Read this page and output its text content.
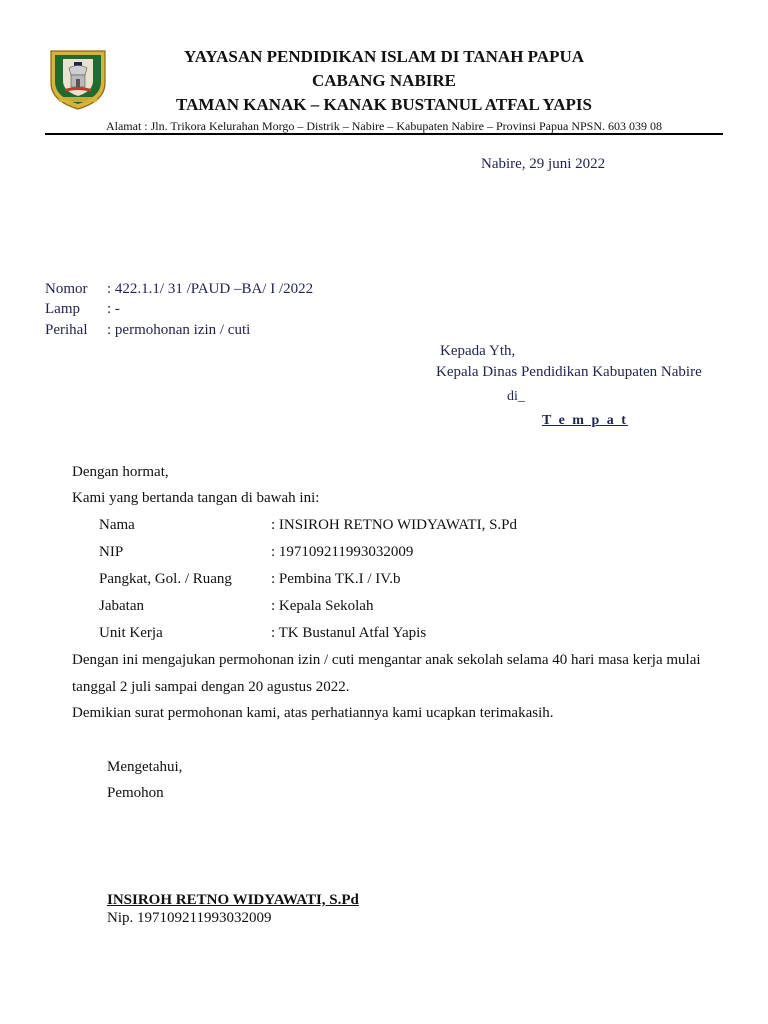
YAYASAN PENDIDIKAN ISLAM DI TANAH PAPUA
CABANG NABIRE
TAMAN KANAK – KANAK BUSTANUL ATFAL YAPIS
Alamat : Jln. Trikora Kelurahan Morgo – Distrik – Nabire – Kabupaten Nabire – Provinsi Papua NPSN. 603 039 08
Nabire, 29 juni 2022
Nomor : 422.1.1/ 31 /PAUD –BA/ I /2022
Lamp : -
Perihal : permohonan izin / cuti
Kepada Yth,
Kepala Dinas Pendidikan Kabupaten Nabire
di_
T e m p a t
Dengan hormat,
Kami yang bertanda tangan di bawah ini:
Nama	: INSIROH RETNO WIDYAWATI, S.Pd
NIP	: 197109211993032009
Pangkat, Gol. / Ruang	: Pembina TK.I / IV.b
Jabatan	: Kepala Sekolah
Unit Kerja	: TK Bustanul Atfal Yapis
Dengan ini mengajukan permohonan izin / cuti mengantar anak sekolah selama 40 hari masa kerja mulai
tanggal 2 juli sampai dengan 20 agustus 2022.
Demikian surat permohonan kami, atas perhatiannya kami ucapkan terimakasih.
Mengetahui,
Pemohon
INSIROH RETNO WIDYAWATI, S.Pd
Nip. 197109211993032009
